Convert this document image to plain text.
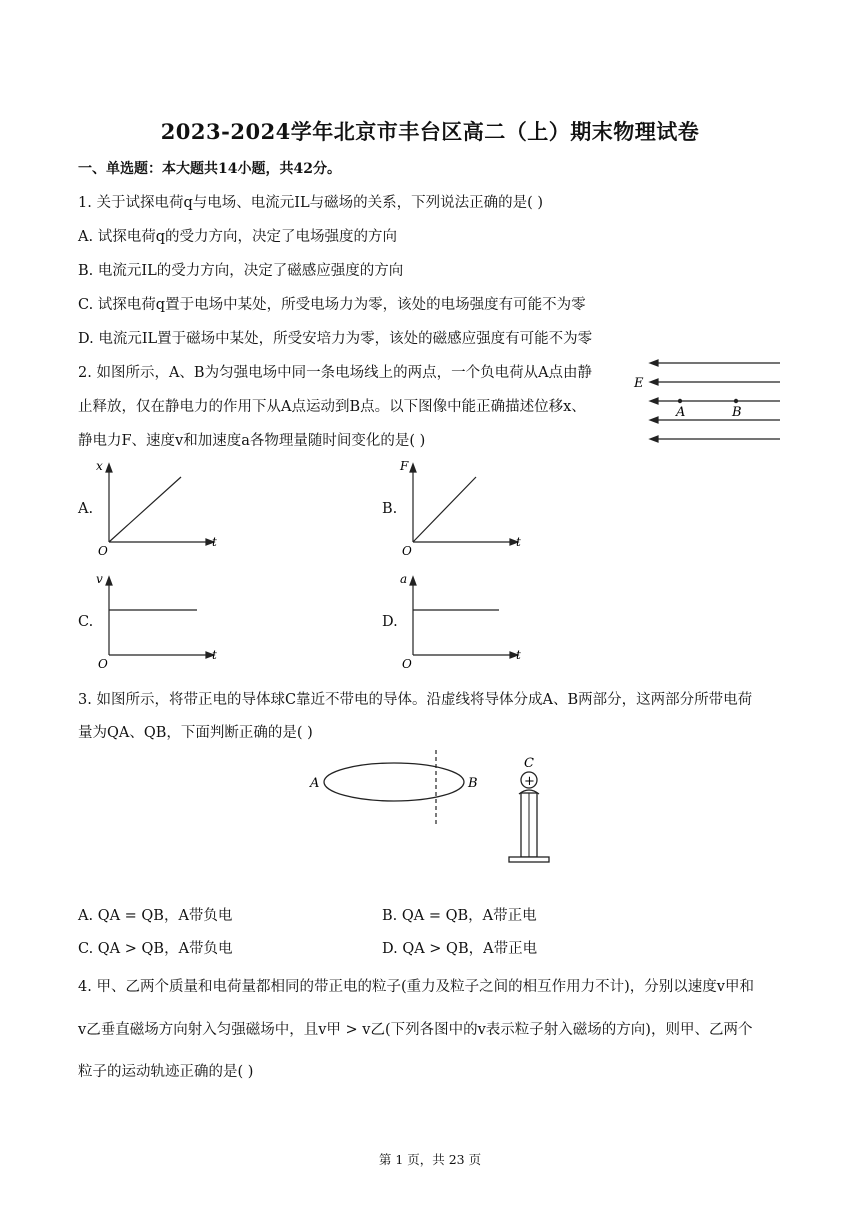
2023-2024学年北京市丰台区高二（上）期末物理试卷
一、单选题：本大题共14小题，共42分。
1. 关于试探电荷q与电场、电流元IL与磁场的关系，下列说法正确的是( )
A. 试探电荷q的受力方向，决定了电场强度的方向
B. 电流元IL的受力方向，决定了磁感应强度的方向
C. 试探电荷q置于电场中某处，所受电场力为零，该处的电场强度有可能不为零
D. 电流元IL置于磁场中某处，所受安培力为零，该处的磁感应强度有可能不为零
2. 如图所示，A、B为匀强电场中同一条电场线上的两点，一个负电荷从A点由静
止释放，仅在静电力的作用下从A点运动到B点。以下图像中能正确描述位移x、
静电力F、速度v和加速度a各物理量随时间变化的是( )
E
A	B
A.
x
t
O
B.
F
t
O
C.
v
t
O
D.
a
t
O
3. 如图所示，将带正电的导体球C靠近不带电的导体。沿虚线将导体分成A、B两部分，这两部分所带电荷
量为QA、QB，下面判断正确的是( )
A	B
C
+
A. QA = QB，A带负电	B. QA = QB，A带正电
C. QA > QB，A带负电	D. QA > QB，A带正电
4. 甲、乙两个质量和电荷量都相同的带正电的粒子(重力及粒子之间的相互作用力不计)，分别以速度v甲和
v乙垂直磁场方向射入匀强磁场中，且v甲 > v乙(下列各图中的v表示粒子射入磁场的方向)，则甲、乙两个
粒子的运动轨迹正确的是( )
第 1 页，共 23 页
